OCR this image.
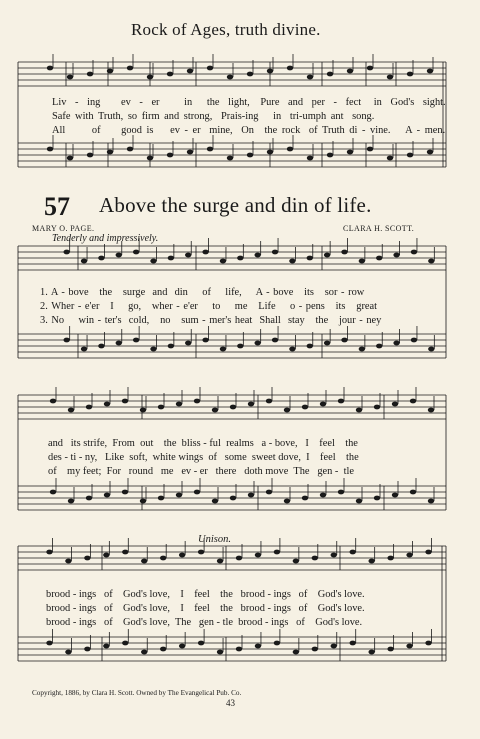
Rock of Ages, truth divine.
Liv - ing ev - er in the light, Pure and per - fect in God's sight.
Safe with Truth, so firm and strong, Prais-ing in tri-umph ant song.
All	of good is ev - er mine, On the rock of Truth di - vine. A - men.
57 Above the surge and din of life.
MARY O. PAGE.	CLARA H. SCOTT.
Tenderly and impressively.
1. A - bove   the   surge  and  din    of    life,    A - bove   its   sor - row
2. Wher - e'er   I    go,   wher - e'er    to    me   Life    o - pens   its   great
3. No    win - ter's  cold,   no   sum - mer's heat  Shall  stay   the   jour - ney
and   its strife,  From  out    the  bliss - ful  realms   a - bove,   I    feel    the
des - ti - ny,   Like  soft,  white wings  of   some  sweet dove,  I    feel    the
of    my feet;  For   round   me   ev - er   there   doth move  The   gen -  tle
Unison.
brood - ings   of    God's love,    I    feel    the   brood - ings   of    God's love.
brood - ings   of    God's love,    I    feel    the   brood - ings   of    God's love.
brood - ings   of    God's love,  The   gen - tle  brood - ings   of    God's love.
Copyright, 1886, by Clara H. Scott. Owned by The Evangelical Pub. Co.
43
